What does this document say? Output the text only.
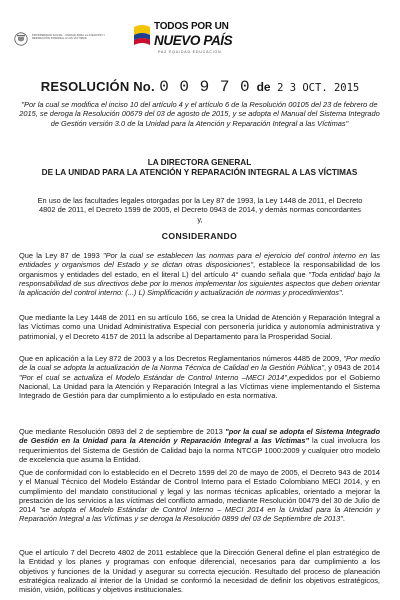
PROSPERIDAD SOCIAL · UNIDAD PARA LA ATENCIÓN Y REPARACIÓN INTEGRAL A LAS VÍCTIMAS
TODOS POR UN
NUEVO PAÍS
PAZ EQUIDAD EDUCACIÓN
RESOLUCIÓN No. 0 0 9 7 0 de 2 3 OCT. 2015
"Por la cual se modifica el inciso 10 del artículo 4 y el artículo 6 de la Resolución 00105 del 23 de febrero de 2015, se deroga la Resolución 00679 del 03 de agosto de 2015, y se adopta el Manual del Sistema Integrado de Gestión versión 3.0 de la Unidad para la Atención y Reparación Integral a las Víctimas"
LA DIRECTORA GENERAL
DE LA UNIDAD PARA LA ATENCIÓN Y REPARACIÓN INTEGRAL A LAS VÍCTIMAS
En uso de las facultades legales otorgadas por la Ley 87 de 1993, la Ley 1448 de 2011, el Decreto 4802 de 2011, el Decreto 1599 de 2005, el Decreto 0943 de 2014, y demás normas concordantes y,
CONSIDERANDO
Que la Ley 87 de 1993 "Por la cual se establecen las normas para el ejercicio del control interno en las entidades y organismos del Estado y se dictan otras disposiciones", establece la responsabilidad de los organismos y entidades del estado, en el literal L) del artículo 4° cuando señala que "Toda entidad bajo la responsabilidad de sus directivos debe por lo menos implementar los siguientes aspectos que deben orientar la aplicación del control interno: (...) L) Simplificación y actualización de normas y procedimientos".
Que mediante la Ley 1448 de 2011 en su artículo 166, se crea la Unidad de Atención y Reparación Integral a las Víctimas como una Unidad Administrativa Especial con personería jurídica y autonomía administrativa y patrimonial, y el Decreto 4157 de 2011 la adscribe al Departamento para la Prosperidad Social.
Que en aplicación a la Ley 872 de 2003 y a los Decretos Reglamentarios números 4485 de 2009, "Por medio de la cual se adopta la actualización de la Norma Técnica de Calidad en la Gestión Pública", y 0943 de 2014 "Por el cual se actualiza el Modelo Estándar de Control Interno –MECI 2014",expedidos por el Gobierno Nacional, La Unidad para la Atención y Reparación Integral a las Víctimas viene implementando el Sistema Integrado de Gestión para dar cumplimiento a lo estipulado en esta normativa.
Que mediante Resolución 0893 del 2 de septiembre de 2013 "por la cual se adopta el Sistema Integrado de Gestión en la Unidad para la Atención y Reparación Integral a las Víctimas" la cual involucra los requerimientos del Sistema de Gestión de Calidad bajo la norma NTCGP 1000:2009 y cualquier otro modelo de excelencia que asuma la Entidad.
Que de conformidad con lo establecido en el Decreto 1599 del 20 de mayo de 2005, el Decreto 943 de 2014 y el Manual Técnico del Modelo Estándar de Control Interno para el Estado Colombiano MECI 2014, y en cumplimiento del mandato constitucional y legal y las normas técnicas aplicables, orientado a mejorar la prestación de los servicios a las víctimas del conflicto armado, mediante Resolución 00479 del 30 de Julio de 2014 "se adopta el Modelo Estándar de Control Interno – MECI 2014 en la Unidad para la Atención y Reparación Integral a las Víctimas y se deroga la Resolución 0899 del 03 de Septiembre de 2013".
Que el artículo 7 del Decreto 4802 de 2011 establece que la Dirección General define el plan estratégico de la Entidad y los planes y programas con enfoque diferencial, necesarios para dar cumplimiento a los objetivos y funciones de la Unidad y asegurar su correcta ejecución. Resultado del proceso de planeación estratégica realizado al interior de la Unidad se conformó la necesidad de definir los objetivos estratégicos, misión, visión, políticas y objetivos institucionales.
